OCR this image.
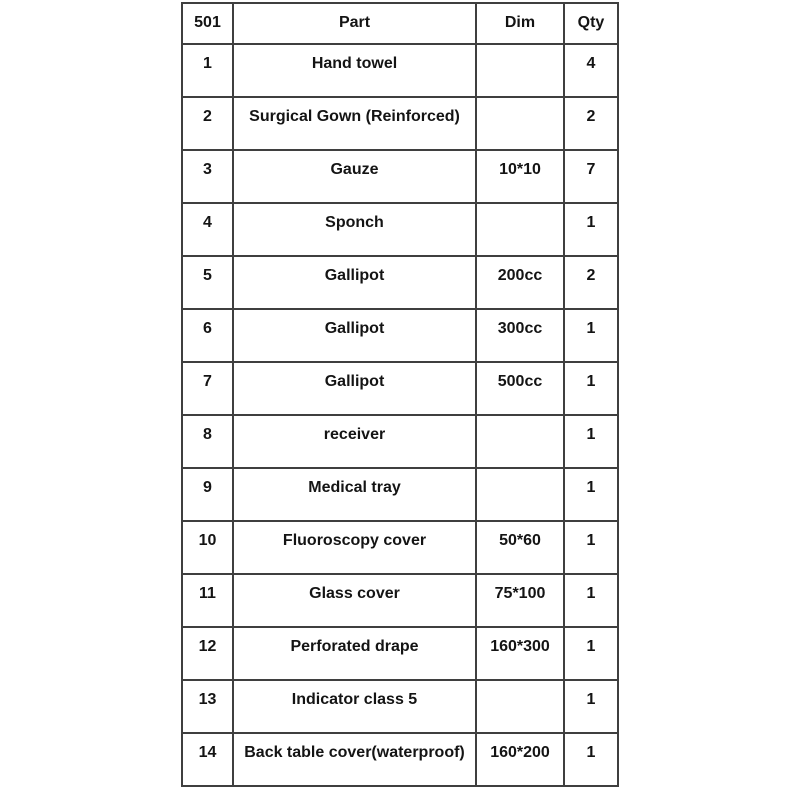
501	Part	Dim	Qty
1	Hand towel		4
2	Surgical Gown (Reinforced)		2
3	Gauze	10*10	7
4	Sponch		1
5	Gallipot	200cc	2
6	Gallipot	300cc	1
7	Gallipot	500cc	1
8	receiver		1
9	Medical tray		1
10	Fluoroscopy cover	50*60	1
11	Glass cover	75*100	1
12	Perforated drape	160*300	1
13	Indicator class 5		1
14	Back table cover(waterproof)	160*200	1
